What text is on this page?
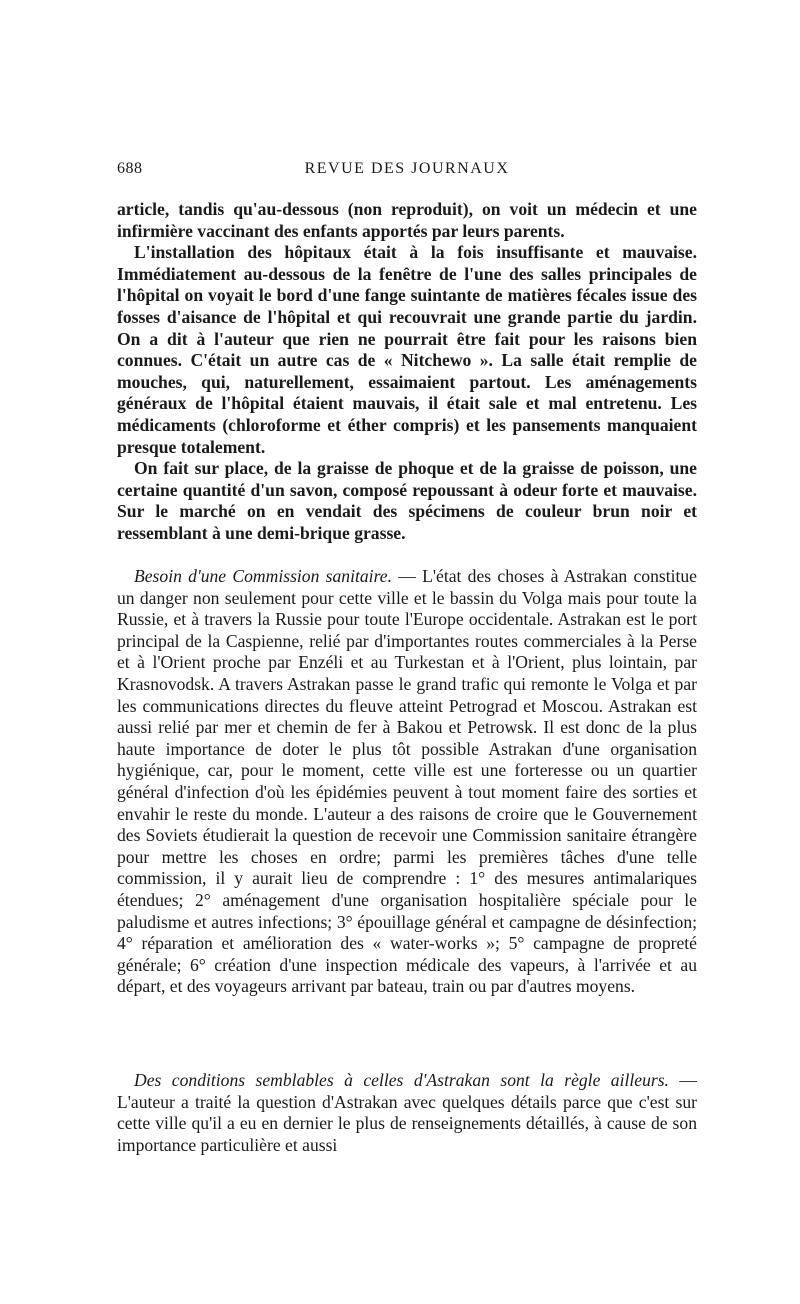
688	REVUE DES JOURNAUX

article, tandis qu'au-dessous (non reproduit), on voit un médecin et une infirmière vaccinant des enfants apportés par leurs parents.

L'installation des hôpitaux était à la fois insuffisante et mauvaise. Immédiatement au-dessous de la fenêtre de l'une des salles principales de l'hôpital on voyait le bord d'une fange suintante de matières fécales issue des fosses d'aisance de l'hôpital et qui recouvrait une grande partie du jardin. On a dit à l'auteur que rien ne pourrait être fait pour les raisons bien connues. C'était un autre cas de « Nitchewo ». La salle était remplie de mouches, qui, naturellement, essaimaient partout. Les aménagements généraux de l'hôpital étaient mauvais, il était sale et mal entretenu. Les médicaments (chloroforme et éther compris) et les pansements manquaient presque totalement.

On fait sur place, de la graisse de phoque et de la graisse de poisson, une certaine quantité d'un savon, composé repoussant à odeur forte et mauvaise. Sur le marché on en vendait des spécimens de couleur brun noir et ressemblant à une demi-brique grasse.

Besoin d'une Commission sanitaire. — L'état des choses à Astrakan constitue un danger non seulement pour cette ville et le bassin du Volga mais pour toute la Russie, et à travers la Russie pour toute l'Europe occidentale. Astrakan est le port principal de la Caspienne, relié par d'importantes routes commerciales à la Perse et à l'Orient proche par Enzéli et au Turkestan et à l'Orient, plus lointain, par Krasnovodsk. A travers Astrakan passe le grand trafic qui remonte le Volga et par les communications directes du fleuve atteint Petrograd et Moscou. Astrakan est aussi relié par mer et chemin de fer à Bakou et Petrowsk. Il est donc de la plus haute importance de doter le plus tôt possible Astrakan d'une organisation hygiénique, car, pour le moment, cette ville est une forteresse ou un quartier général d'infection d'où les épidémies peuvent à tout moment faire des sorties et envahir le reste du monde. L'auteur a des raisons de croire que le Gouvernement des Soviets étudierait la question de recevoir une Commission sanitaire étrangère pour mettre les choses en ordre; parmi les premières tâches d'une telle commission, il y aurait lieu de comprendre : 1° des mesures antimalariques étendues; 2° aménagement d'une organisation hospitalière spéciale pour le paludisme et autres infections; 3° épouillage général et campagne de désinfection; 4° réparation et amélioration des « water-works »; 5° campagne de propreté générale; 6° création d'une inspection médicale des vapeurs, à l'arrivée et au départ, et des voyageurs arrivant par bateau, train ou par d'autres moyens.

Des conditions semblables à celles d'Astrakan sont la règle ailleurs. — L'auteur a traité la question d'Astrakan avec quelques détails parce que c'est sur cette ville qu'il a eu en dernier le plus de renseignements détaillés, à cause de son importance particulière et aussi
